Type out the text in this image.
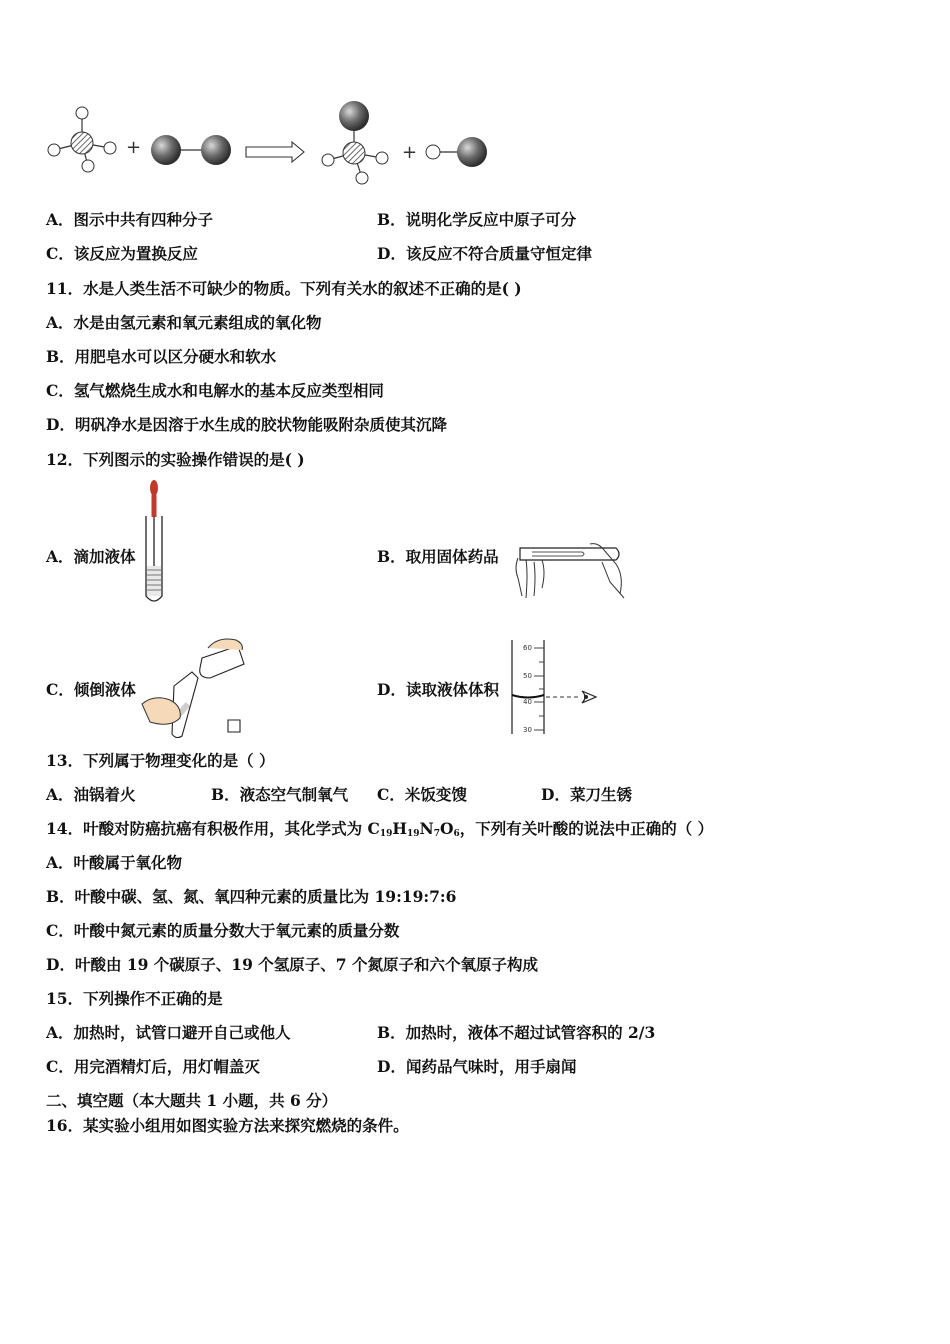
+	+
A．图示中共有四种分子	B．说明化学反应中原子可分
C．该反应为置换反应	D．该反应不符合质量守恒定律
11．水是人类生活不可缺少的物质。下列有关水的叙述不正确的是( )
A．水是由氢元素和氧元素组成的氧化物
B．用肥皂水可以区分硬水和软水
C．氢气燃烧生成水和电解水的基本反应类型相同
D．明矾净水是因溶于水生成的胶状物能吸附杂质使其沉降
12．下列图示的实验操作错误的是( )
A．滴加液体	B．取用固体药品
C．倾倒液体	D．读取液体体积
60
50
40
30
13．下列属于物理变化的是（ ）
A．油锅着火	B．液态空气制氧气 C．米饭变馊	D．菜刀生锈
14．叶酸对防癌抗癌有积极作用，其化学式为 $C_{19}H_{19}N_7O_6$，下列有关叶酸的说法中正确的（ ）
A．叶酸属于氧化物
B．叶酸中碳、氢、氮、氧四种元素的质量比为 19:19:7:6
C．叶酸中氮元素的质量分数大于氧元素的质量分数
D．叶酸由 19 个碳原子、19 个氢原子、7 个氮原子和六个氧原子构成
15．下列操作不正确的是
A．加热时，试管口避开自己或他人	B．加热时，液体不超过试管容积的 2/3
C．用完酒精灯后，用灯帽盖灭	D．闻药品气味时，用手扇闻
二、填空题（本大题共 1 小题，共 6 分）
16．某实验小组用如图实验方法来探究燃烧的条件。
